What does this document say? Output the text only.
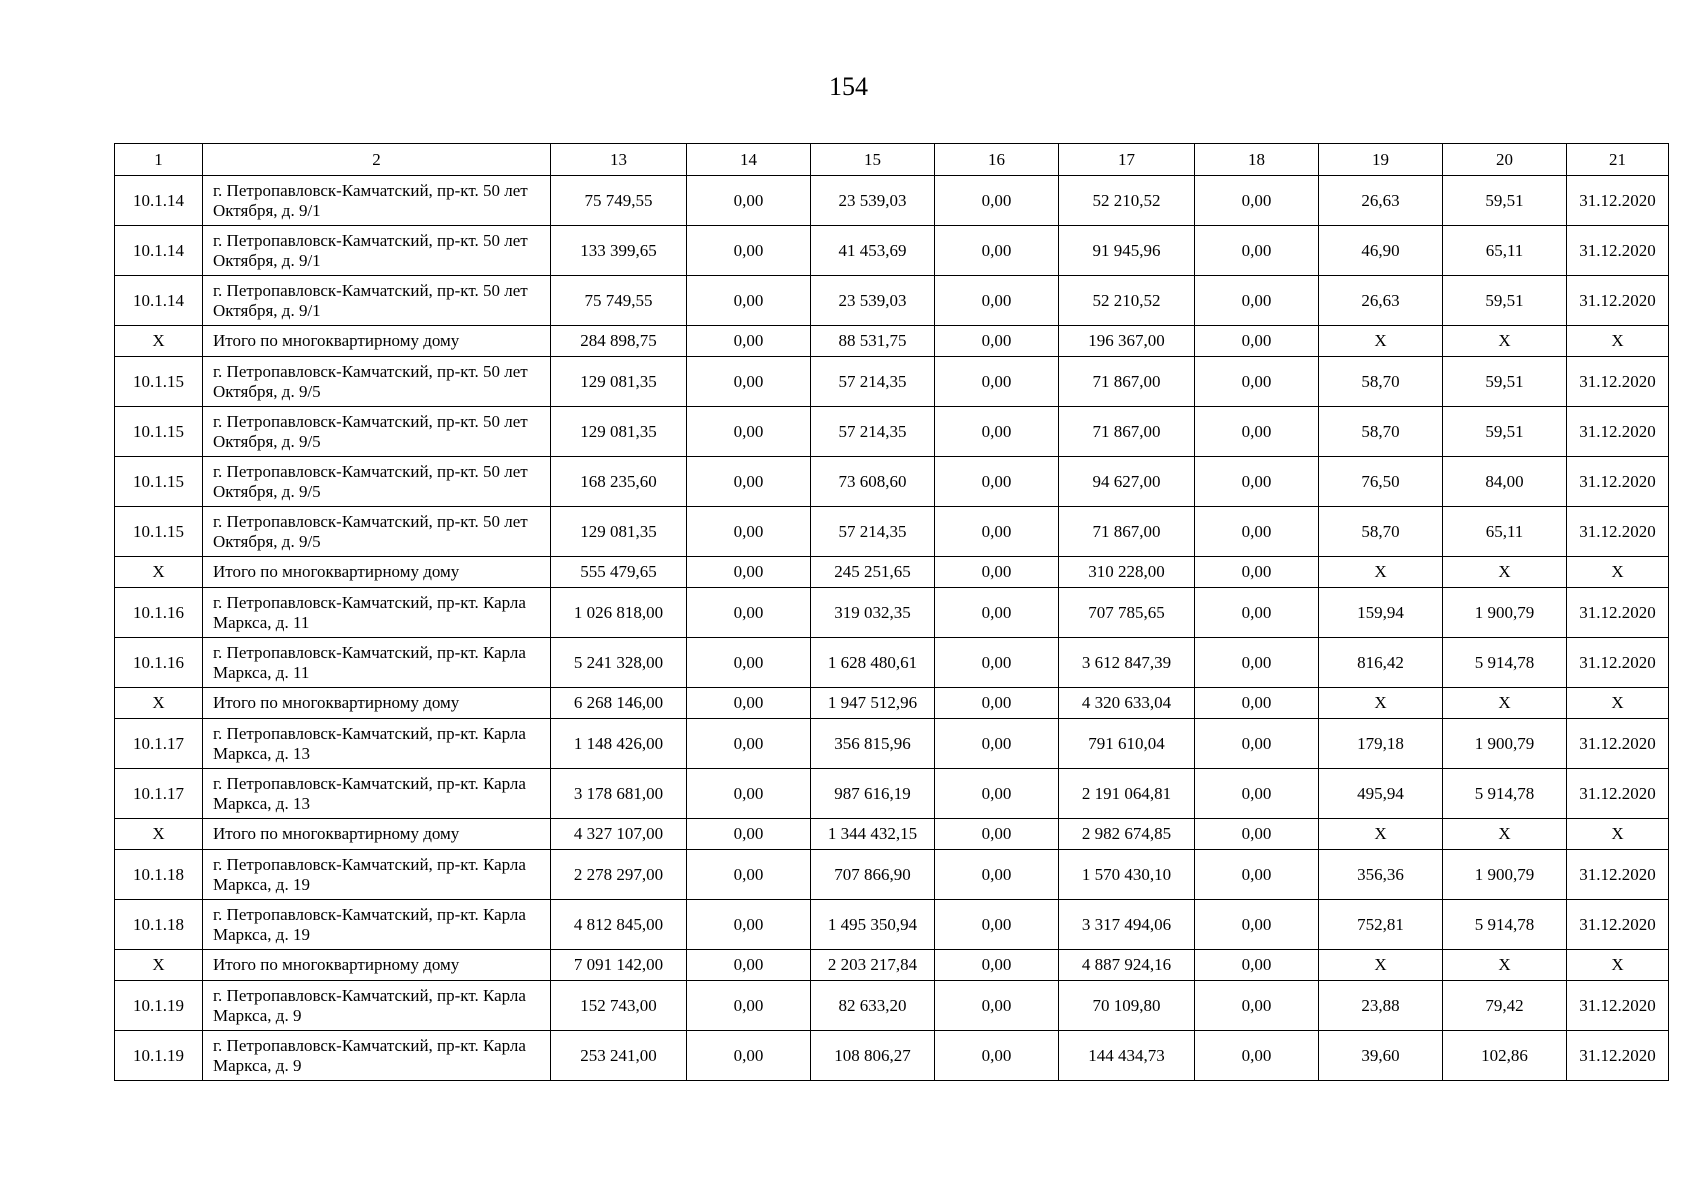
154
1	2	13	14	15	16	17	18	19	20	21
10.1.14	г. Петропавловск-Камчатский, пр-кт. 50 лет Октября, д. 9/1	75 749,55	0,00	23 539,03	0,00	52 210,52	0,00	26,63	59,51	31.12.2020
10.1.14	г. Петропавловск-Камчатский, пр-кт. 50 лет Октября, д. 9/1	133 399,65	0,00	41 453,69	0,00	91 945,96	0,00	46,90	65,11	31.12.2020
10.1.14	г. Петропавловск-Камчатский, пр-кт. 50 лет Октября, д. 9/1	75 749,55	0,00	23 539,03	0,00	52 210,52	0,00	26,63	59,51	31.12.2020
X	Итого по многоквартирному дому	284 898,75	0,00	88 531,75	0,00	196 367,00	0,00	X	X	X
10.1.15	г. Петропавловск-Камчатский, пр-кт. 50 лет Октября, д. 9/5	129 081,35	0,00	57 214,35	0,00	71 867,00	0,00	58,70	59,51	31.12.2020
10.1.15	г. Петропавловск-Камчатский, пр-кт. 50 лет Октября, д. 9/5	129 081,35	0,00	57 214,35	0,00	71 867,00	0,00	58,70	59,51	31.12.2020
10.1.15	г. Петропавловск-Камчатский, пр-кт. 50 лет Октября, д. 9/5	168 235,60	0,00	73 608,60	0,00	94 627,00	0,00	76,50	84,00	31.12.2020
10.1.15	г. Петропавловск-Камчатский, пр-кт. 50 лет Октября, д. 9/5	129 081,35	0,00	57 214,35	0,00	71 867,00	0,00	58,70	65,11	31.12.2020
X	Итого по многоквартирному дому	555 479,65	0,00	245 251,65	0,00	310 228,00	0,00	X	X	X
10.1.16	г. Петропавловск-Камчатский, пр-кт. Карла Маркса, д. 11	1 026 818,00	0,00	319 032,35	0,00	707 785,65	0,00	159,94	1 900,79	31.12.2020
10.1.16	г. Петропавловск-Камчатский, пр-кт. Карла Маркса, д. 11	5 241 328,00	0,00	1 628 480,61	0,00	3 612 847,39	0,00	816,42	5 914,78	31.12.2020
X	Итого по многоквартирному дому	6 268 146,00	0,00	1 947 512,96	0,00	4 320 633,04	0,00	X	X	X
10.1.17	г. Петропавловск-Камчатский, пр-кт. Карла Маркса, д. 13	1 148 426,00	0,00	356 815,96	0,00	791 610,04	0,00	179,18	1 900,79	31.12.2020
10.1.17	г. Петропавловск-Камчатский, пр-кт. Карла Маркса, д. 13	3 178 681,00	0,00	987 616,19	0,00	2 191 064,81	0,00	495,94	5 914,78	31.12.2020
X	Итого по многоквартирному дому	4 327 107,00	0,00	1 344 432,15	0,00	2 982 674,85	0,00	X	X	X
10.1.18	г. Петропавловск-Камчатский, пр-кт. Карла Маркса, д. 19	2 278 297,00	0,00	707 866,90	0,00	1 570 430,10	0,00	356,36	1 900,79	31.12.2020
10.1.18	г. Петропавловск-Камчатский, пр-кт. Карла Маркса, д. 19	4 812 845,00	0,00	1 495 350,94	0,00	3 317 494,06	0,00	752,81	5 914,78	31.12.2020
X	Итого по многоквартирному дому	7 091 142,00	0,00	2 203 217,84	0,00	4 887 924,16	0,00	X	X	X
10.1.19	г. Петропавловск-Камчатский, пр-кт. Карла Маркса, д. 9	152 743,00	0,00	82 633,20	0,00	70 109,80	0,00	23,88	79,42	31.12.2020
10.1.19	г. Петропавловск-Камчатский, пр-кт. Карла Маркса, д. 9	253 241,00	0,00	108 806,27	0,00	144 434,73	0,00	39,60	102,86	31.12.2020
